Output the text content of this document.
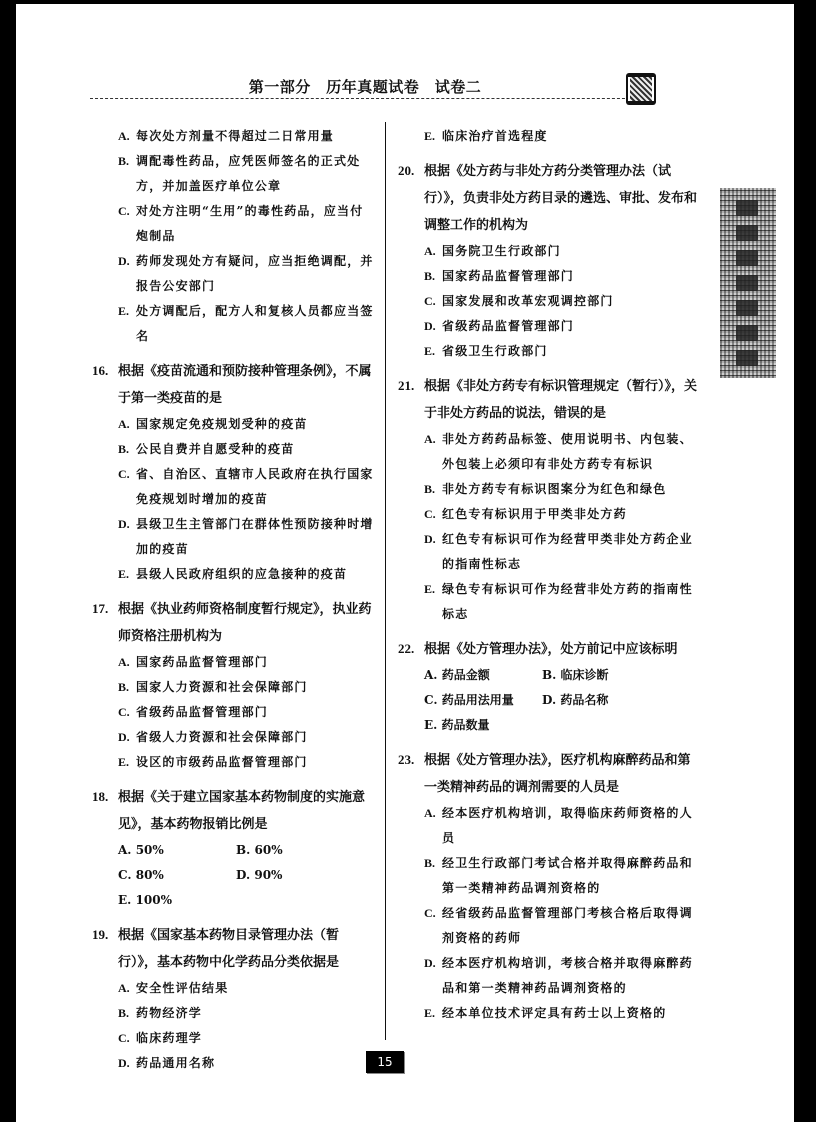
第一部分　历年真题试卷　试卷二
A. 每次处方剂量不得超过二日常用量
B. 调配毒性药品，应凭医师签名的正式处方，并加盖医疗单位公章
C. 对处方注明“生用”的毒性药品，应当付炮制品
D. 药师发现处方有疑问，应当拒绝调配，并报告公安部门
E. 处方调配后，配方人和复核人员都应当签名
16. 根据《疫苗流通和预防接种管理条例》，不属于第一类疫苗的是
A. 国家规定免疫规划受种的疫苗
B. 公民自费并自愿受种的疫苗
C. 省、自治区、直辖市人民政府在执行国家免疫规划时增加的疫苗
D. 县级卫生主管部门在群体性预防接种时增加的疫苗
E. 县级人民政府组织的应急接种的疫苗
17. 根据《执业药师资格制度暂行规定》，执业药师资格注册机构为
A. 国家药品监督管理部门
B. 国家人力资源和社会保障部门
C. 省级药品监督管理部门
D. 省级人力资源和社会保障部门
E. 设区的市级药品监督管理部门
18. 根据《关于建立国家基本药物制度的实施意见》，基本药物报销比例是
A. 50%	B. 60%
C. 80%	D. 90%
E. 100%
19. 根据《国家基本药物目录管理办法（暂行）》，基本药物中化学药品分类依据是
A. 安全性评估结果
B. 药物经济学
C. 临床药理学
D. 药品通用名称
E. 临床治疗首选程度
20. 根据《处方药与非处方药分类管理办法（试行）》，负责非处方药目录的遴选、审批、发布和调整工作的机构为
A. 国务院卫生行政部门
B. 国家药品监督管理部门
C. 国家发展和改革宏观调控部门
D. 省级药品监督管理部门
E. 省级卫生行政部门
21. 根据《非处方药专有标识管理规定（暂行）》，关于非处方药品的说法，错误的是
A. 非处方药药品标签、使用说明书、内包装、外包装上必须印有非处方药专有标识
B. 非处方药专有标识图案分为红色和绿色
C. 红色专有标识用于甲类非处方药
D. 红色专有标识可作为经营甲类非处方药企业的指南性标志
E. 绿色专有标识可作为经营非处方药的指南性标志
22. 根据《处方管理办法》，处方前记中应该标明
A. 药品金额	B. 临床诊断
C. 药品用法用量	D. 药品名称
E. 药品数量
23. 根据《处方管理办法》，医疗机构麻醉药品和第一类精神药品的调剂需要的人员是
A. 经本医疗机构培训，取得临床药师资格的人员
B. 经卫生行政部门考试合格并取得麻醉药品和第一类精神药品调剂资格的
C. 经省级药品监督管理部门考核合格后取得调剂资格的药师
D. 经本医疗机构培训，考核合格并取得麻醉药品和第一类精神药品调剂资格的
E. 经本单位技术评定具有药士以上资格的
15
